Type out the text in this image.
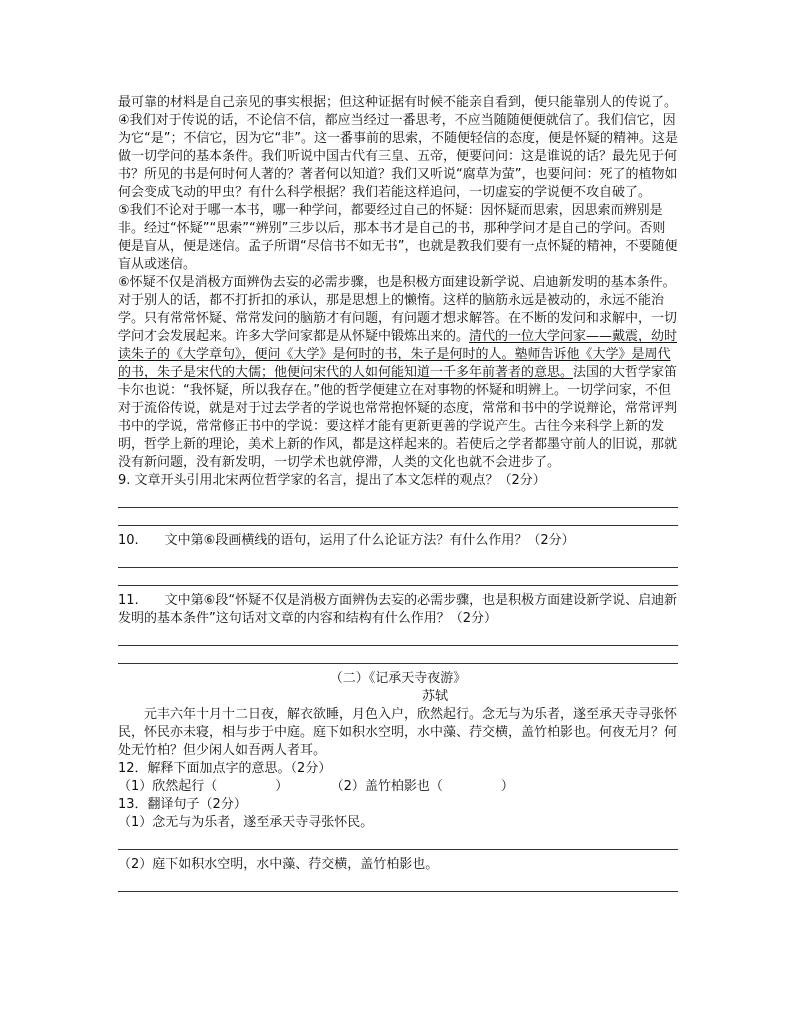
最可靠的材料是自己亲见的事实根据；但这种证据有时候不能亲自看到，便只能靠别人的传说了。

④我们对于传说的话，不论信不信，都应当经过一番思考，不应当随随便便就信了。我们信它，因为它“是”；不信它，因为它“非”。这一番事前的思索，不随便轻信的态度，便是怀疑的精神。这是做一切学问的基本条件。我们听说中国古代有三皇、五帝，便要问问：这是谁说的话？最先见于何书？所见的书是何时何人著的？著者何以知道？我们又听说“腐草为萤”，也要问问：死了的植物如何会变成飞动的甲虫？有什么科学根据？我们若能这样追问，一切虚妄的学说便不攻自破了。

⑤我们不论对于哪一本书，哪一种学问，都要经过自己的怀疑：因怀疑而思索，因思索而辨别是非。经过“怀疑”“思索”“辨别”三步以后，那本书才是自己的书，那种学问才是自己的学问。否则便是盲从，便是迷信。孟子所谓“尽信书不如无书”，也就是教我们要有一点怀疑的精神，不要随便盲从或迷信。

⑥怀疑不仅是消极方面辨伪去妄的必需步骤，也是积极方面建设新学说、启迪新发明的基本条件。对于别人的话，都不打折扣的承认，那是思想上的懒惰。这样的脑筋永远是被动的，永远不能治学。只有常常怀疑、常常发问的脑筋才有问题，有问题才想求解答。在不断的发问和求解中，一切学问才会发展起来。许多大学问家都是从怀疑中锻炼出来的。清代的一位大学问家——戴震，幼时读朱子的《大学章句》，便问《大学》是何时的书，朱子是何时的人。塾师告诉他《大学》是周代的书，朱子是宋代的大儒；他便问宋代的人如何能知道一千多年前著者的意思。法国的大哲学家笛卡尔也说：“我怀疑，所以我存在。”他的哲学便建立在对事物的怀疑和明辨上。一切学问家，不但对于流俗传说，就是对于过去学者的学说也常常抱怀疑的态度，常常和书中的学说辩论，常常评判书中的学说，常常修正书中的学说：要这样才能有更新更善的学说产生。古往今来科学上新的发明，哲学上新的理论，美术上新的作风，都是这样起来的。若使后之学者都墨守前人的旧说，那就没有新问题，没有新发明，一切学术也就停滞，人类的文化也就不会进步了。

9. 文章开头引用北宋两位哲学家的名言，提出了本文怎样的观点？（2分）

10.　　文中第⑥段画横线的语句，运用了什么论证方法？有什么作用？（2分）

11.　　文中第⑥段“怀疑不仅是消极方面辨伪去妄的必需步骤，也是积极方面建设新学说、启迪新发明的基本条件”这句话对文章的内容和结构有什么作用？（2分）

（二）《记承天寺夜游》

苏轼

元丰六年十月十二日夜，解衣欲睡，月色入户，欣然起行。念无与为乐者，遂至承天寺寻张怀民，怀民亦未寝，相与步于中庭。庭下如积水空明，水中藻、荇交横，盖竹柏影也。何夜无月？何处无竹柏？但少闲人如吾两人者耳。

12．解释下面加点字的意思。（2分）

（1）欣然起行（	）	（2）盖竹柏影也（	）

13．翻译句子（2分）

（1）念无与为乐者，遂至承天寺寻张怀民。

（2）庭下如积水空明，水中藻、荇交横，盖竹柏影也。
